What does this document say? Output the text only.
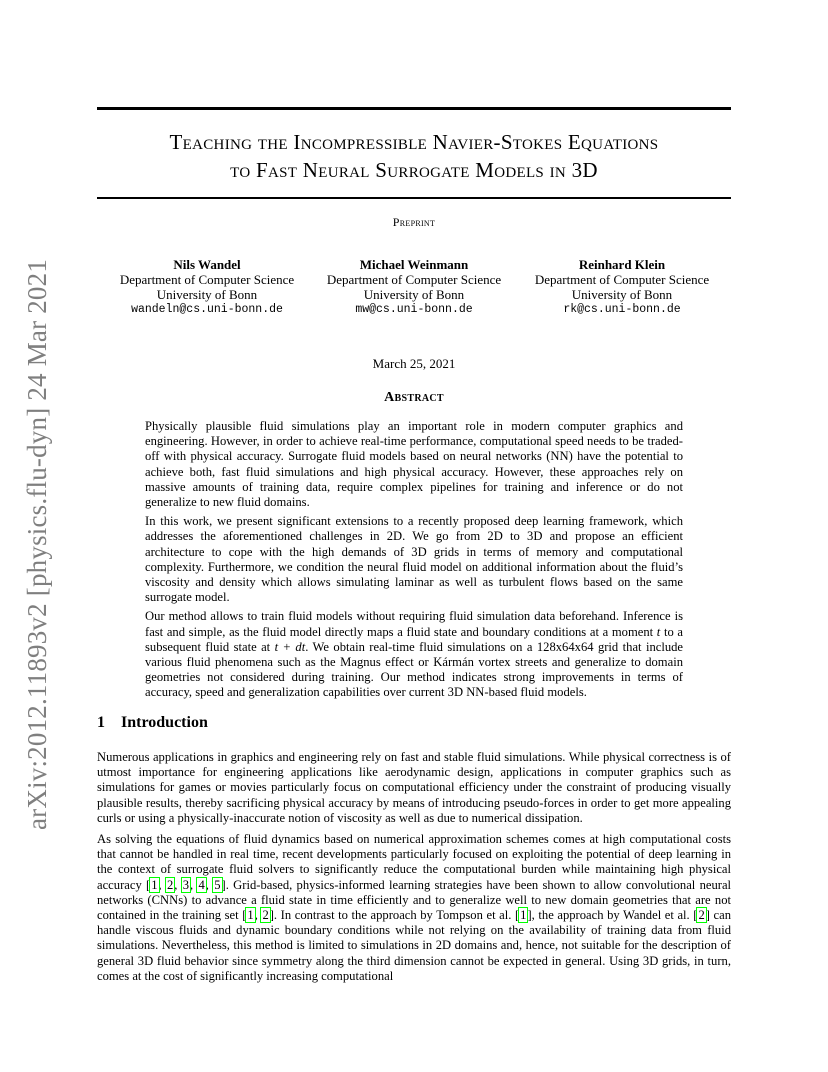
arXiv:2012.11893v2 [physics.flu-dyn] 24 Mar 2021
Teaching the Incompressible Navier-Stokes Equations
to Fast Neural Surrogate Models in 3D
Preprint
Nils Wandel
Department of Computer Science
University of Bonn
wandeln@cs.uni-bonn.de
Michael Weinmann
Department of Computer Science
University of Bonn
mw@cs.uni-bonn.de
Reinhard Klein
Department of Computer Science
University of Bonn
rk@cs.uni-bonn.de
March 25, 2021
Abstract

Physically plausible fluid simulations play an important role in modern computer graphics and engineering. However, in order to achieve real-time performance, computational speed needs to be traded-off with physical accuracy. Surrogate fluid models based on neural networks (NN) have the potential to achieve both, fast fluid simulations and high physical accuracy. However, these approaches rely on massive amounts of training data, require complex pipelines for training and inference or do not generalize to new fluid domains.

In this work, we present significant extensions to a recently proposed deep learning framework, which addresses the aforementioned challenges in 2D. We go from 2D to 3D and propose an efficient architecture to cope with the high demands of 3D grids in terms of memory and computational complexity. Furthermore, we condition the neural fluid model on additional information about the fluid’s viscosity and density which allows simulating laminar as well as turbulent flows based on the same surrogate model.

Our method allows to train fluid models without requiring fluid simulation data beforehand. Inference is fast and simple, as the fluid model directly maps a fluid state and boundary conditions at a moment t to a subsequent fluid state at t + dt. We obtain real-time fluid simulations on a 128x64x64 grid that include various fluid phenomena such as the Magnus effect or Kármán vortex streets and generalize to domain geometries not considered during training. Our method indicates strong improvements in terms of accuracy, speed and generalization capabilities over current 3D NN-based fluid models.

1 Introduction

Numerous applications in graphics and engineering rely on fast and stable fluid simulations. While physical correctness is of utmost importance for engineering applications like aerodynamic design, applications in computer graphics such as simulations for games or movies particularly focus on computational efficiency under the constraint of producing visually plausible results, thereby sacrificing physical accuracy by means of introducing pseudo-forces in order to get more appealing curls or using a physically-inaccurate notion of viscosity as well as due to numerical dissipation.

As solving the equations of fluid dynamics based on numerical approximation schemes comes at high computational costs that cannot be handled in real time, recent developments particularly focused on exploiting the potential of deep learning in the context of surrogate fluid solvers to significantly reduce the computational burden while maintaining high physical accuracy [1, 2, 3, 4, 5]. Grid-based, physics-informed learning strategies have been shown to allow convolutional neural networks (CNNs) to advance a fluid state in time efficiently and to generalize well to new domain geometries that are not contained in the training set [1, 2]. In contrast to the approach by Tompson et al. [1], the approach by Wandel et al. [2] can handle viscous fluids and dynamic boundary conditions while not relying on the availability of training data from fluid simulations. Nevertheless, this method is limited to simulations in 2D domains and, hence, not suitable for the description of general 3D fluid behavior since symmetry along the third dimension cannot be expected in general. Using 3D grids, in turn, comes at the cost of significantly increasing computational
